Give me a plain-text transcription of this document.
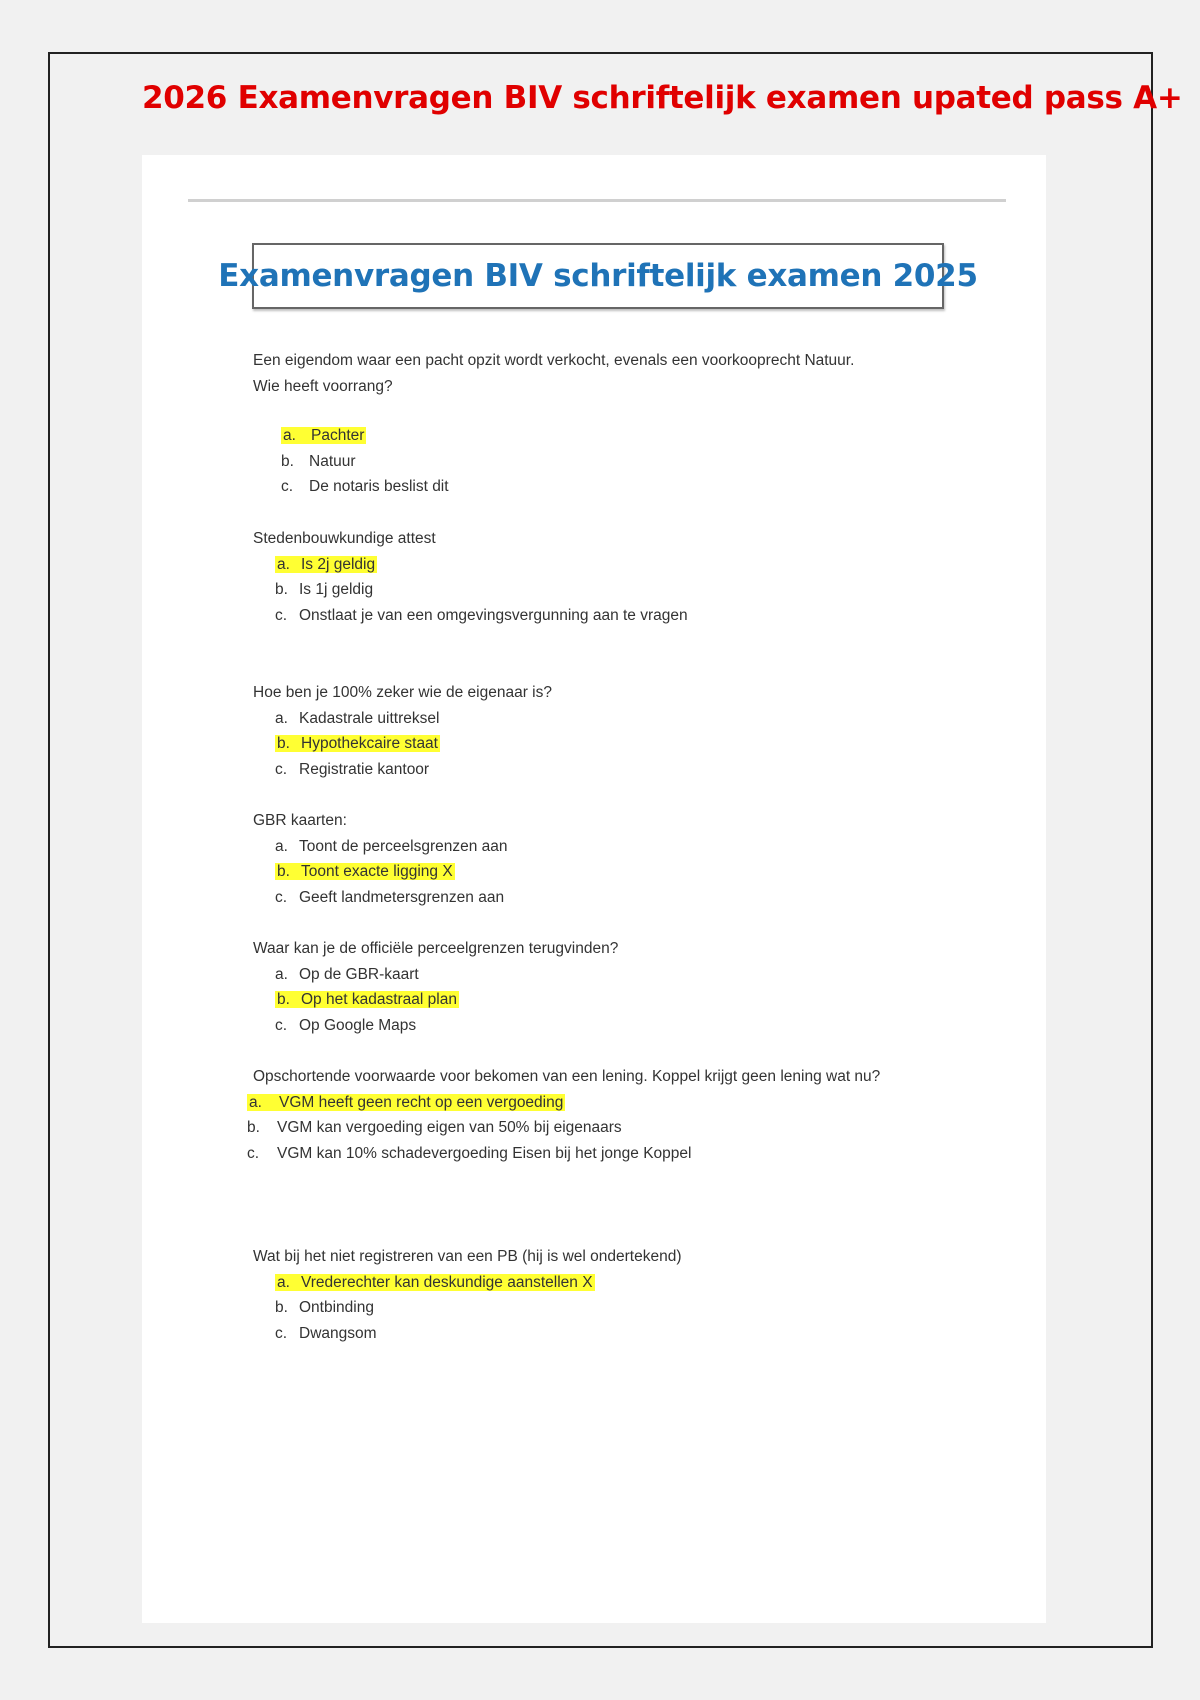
2026 Examenvragen BIV schriftelijk examen upated pass A+
Examenvragen BIV schriftelijk examen 2025

Een eigendom waar een pacht opzit wordt verkocht, evenals een voorkooprecht Natuur.

Wie heeft voorrang?

a. Pachter
b. Natuur
c. De notaris beslist dit

Stedenbouwkundige attest

a. Is 2j geldig
b. Is 1j geldig
c. Onstlaat je van een omgevingsvergunning aan te vragen

Hoe ben je 100% zeker wie de eigenaar is?

a. Kadastrale uittreksel
b. Hypothekcaire staat
c. Registratie kantoor

GBR kaarten:

a. Toont de perceelsgrenzen aan
b. Toont exacte ligging X
c. Geeft landmetersgrenzen aan

Waar kan je de officiële perceelgrenzen terugvinden?

a. Op de GBR-kaart
b. Op het kadastraal plan
c. Op Google Maps

Opschortende voorwaarde voor bekomen van een lening. Koppel krijgt geen lening wat nu?

a. VGM heeft geen recht op een vergoeding
b. VGM kan vergoeding eigen van 50% bij eigenaars
c. VGM kan 10% schadevergoeding Eisen bij het jonge Koppel

Wat bij het niet registreren van een PB (hij is wel ondertekend)

a. Vrederechter kan deskundige aanstellen X
b. Ontbinding
c. Dwangsom
